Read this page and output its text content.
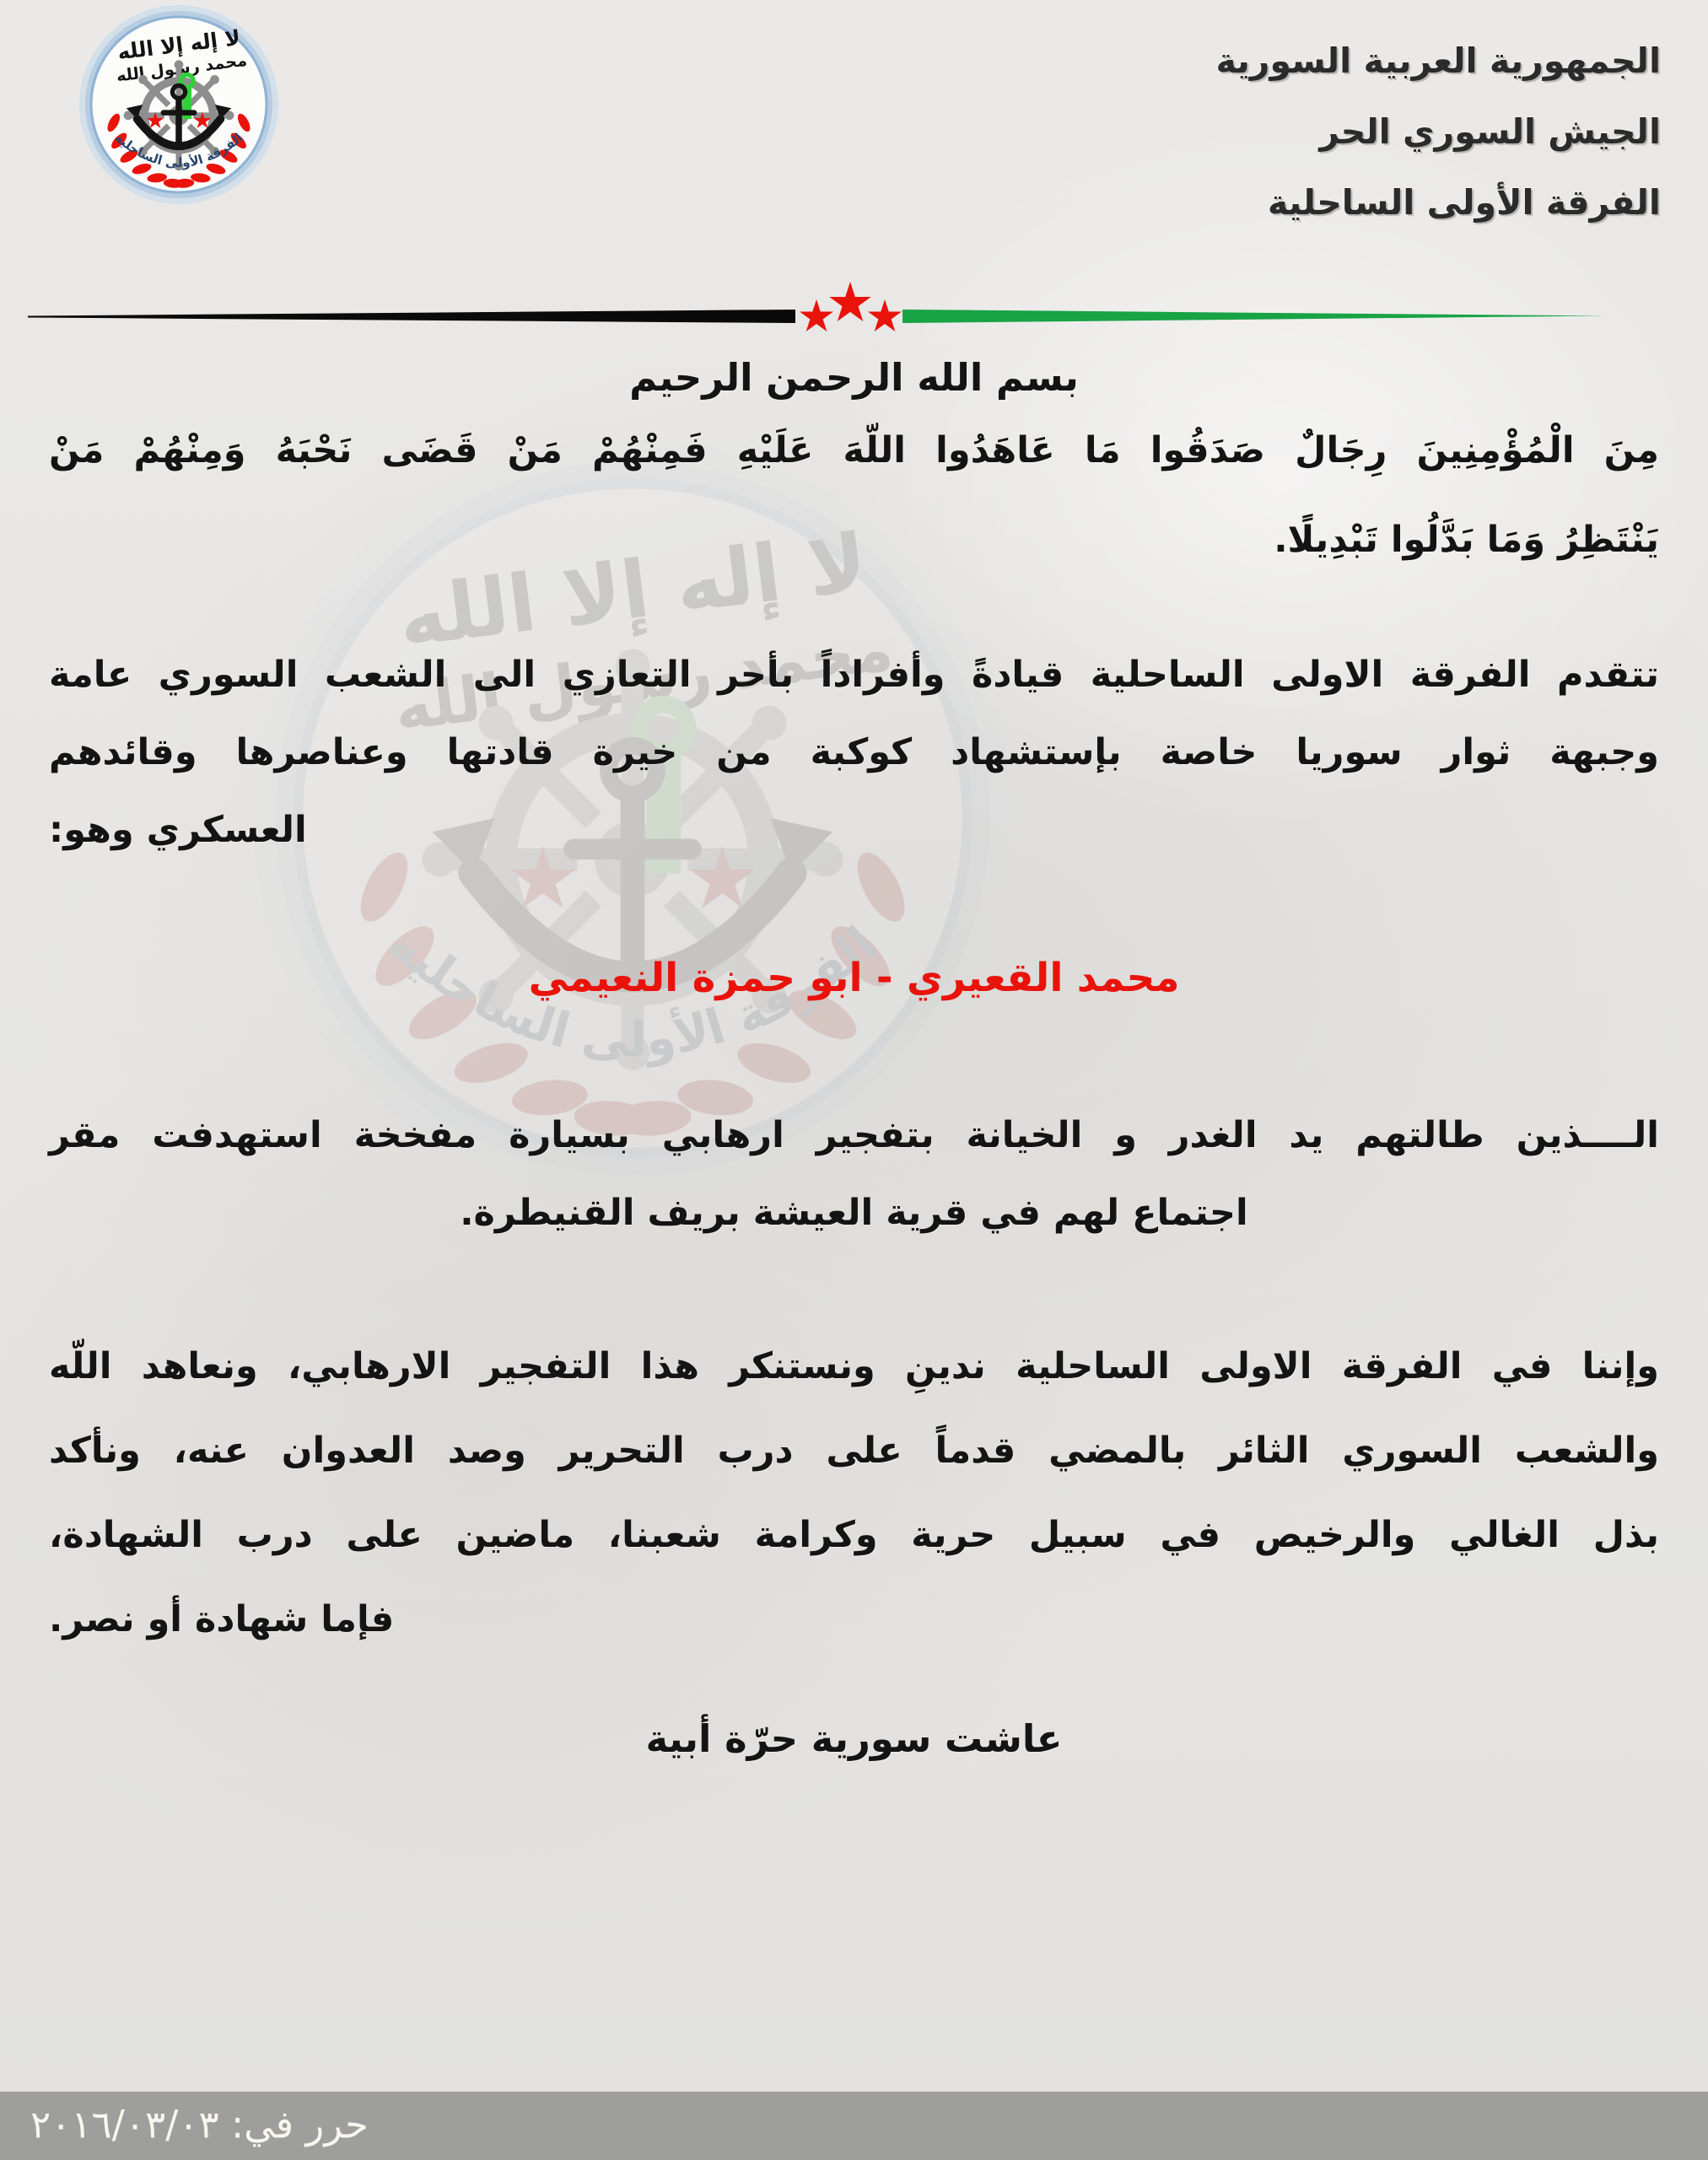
الجمهورية العربية السورية
الجيش السوري الحر
الفرقة الأولى الساحلية
بسم الله الرحمن الرحيم
مِنَ الْمُؤْمِنِينَ رِجَالٌ صَدَقُوا مَا عَاهَدُوا اللّهَ عَلَيْهِ فَمِنْهُمْ مَنْ قَضَى نَحْبَهُ وَمِنْهُمْ مَنْ
يَنْتَظِرُ وَمَا بَدَّلُوا تَبْدِيلًا.
تتقدم الفرقة الاولى الساحلية قيادةً وأفراداً بأحر التعازي الى الشعب السوري عامة
وجبهة ثوار سوريا خاصة بإستشهاد كوكبة من خيرة قادتها وعناصرها وقائدهم
العسكري وهو:
محمد القعيري - ابو حمزة النعيمي
الــــذين طالتهم يد الغدر و الخيانة بتفجير ارهابي بسيارة مفخخة استهدفت مقر
اجتماع لهم في قرية العيشة بريف القنيطرة.
وإننا في الفرقة الاولى الساحلية ندينِ ونستنكر هذا التفجير الارهابي، ونعاهد اللّه
والشعب السوري الثائر بالمضي قدماً على درب التحرير وصد العدوان عنه، ونأكد
بذل الغالي والرخيص في سبيل حرية وكرامة شعبنا، ماضين على درب الشهادة،
فإما شهادة أو نصر.
عاشت سورية حرّة أبية
حرر في: ٢٠١٦/٠٣/٠٣
